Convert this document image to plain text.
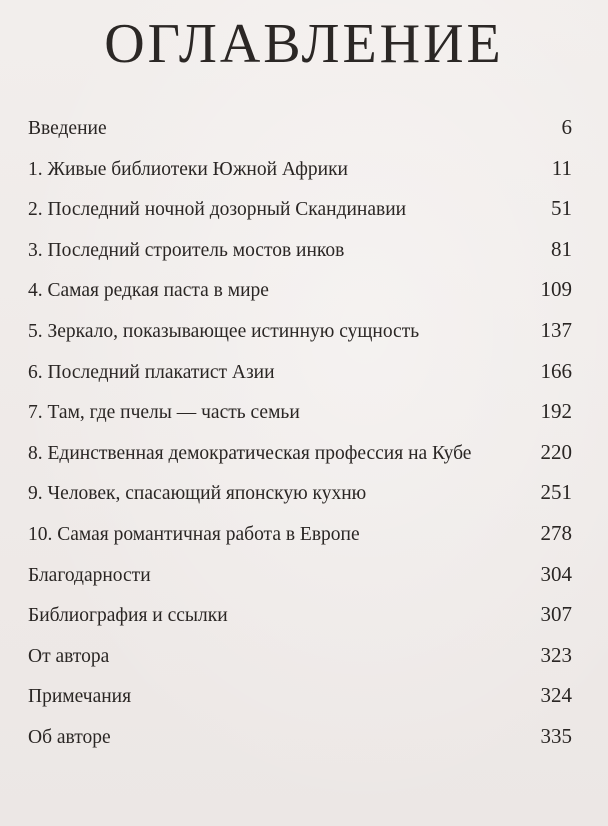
ОГЛАВЛЕНИЕ
Введение	6
1. Живые библиотеки Южной Африки	11
2. Последний ночной дозорный Скандинавии	51
3. Последний строитель мостов инков	81
4. Самая редкая паста в мире	109
5. Зеркало, показывающее истинную сущность	137
6. Последний плакатист Азии	166
7. Там, где пчелы — часть семьи	192
8. Единственная демократическая профессия на Кубе	220
9. Человек, спасающий японскую кухню	251
10. Самая романтичная работа в Европе	278
Благодарности	304
Библиография и ссылки	307
От автора	323
Примечания	324
Об авторе	335
